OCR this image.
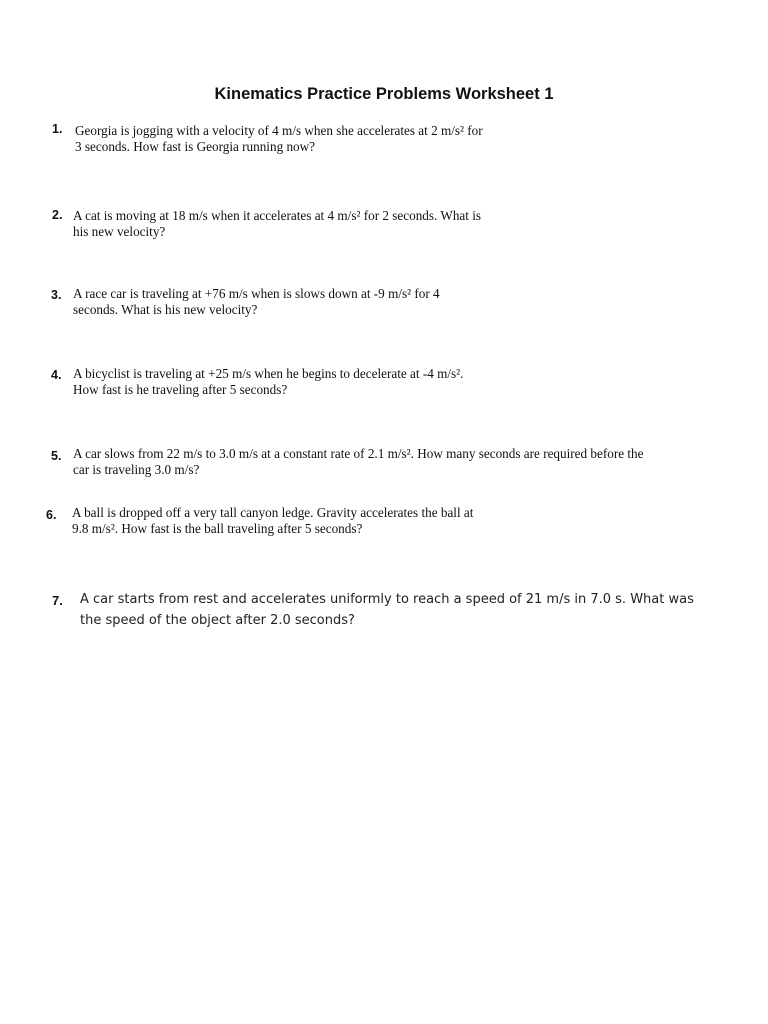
Kinematics Practice Problems Worksheet 1
1. Georgia is jogging with a velocity of 4 m/s when she accelerates at 2 m/s² for
3 seconds. How fast is Georgia running now?
2. A cat is moving at 18 m/s when it accelerates at 4 m/s² for 2 seconds. What is
his new velocity?
3. A race car is traveling at +76 m/s when is slows down at -9 m/s² for 4
seconds. What is his new velocity?
4. A bicyclist is traveling at +25 m/s when he begins to decelerate at -4 m/s².
How fast is he traveling after 5 seconds?
5. A car slows from 22 m/s to 3.0 m/s at a constant rate of 2.1 m/s². How many seconds are required before the
car is traveling 3.0 m/s?
6. A ball is dropped off a very tall canyon ledge. Gravity accelerates the ball at
9.8 m/s². How fast is the ball traveling after 5 seconds?
7. A car starts from rest and accelerates uniformly to reach a speed of 21 m/s in 7.0 s. What was
the speed of the object after 2.0 seconds?
